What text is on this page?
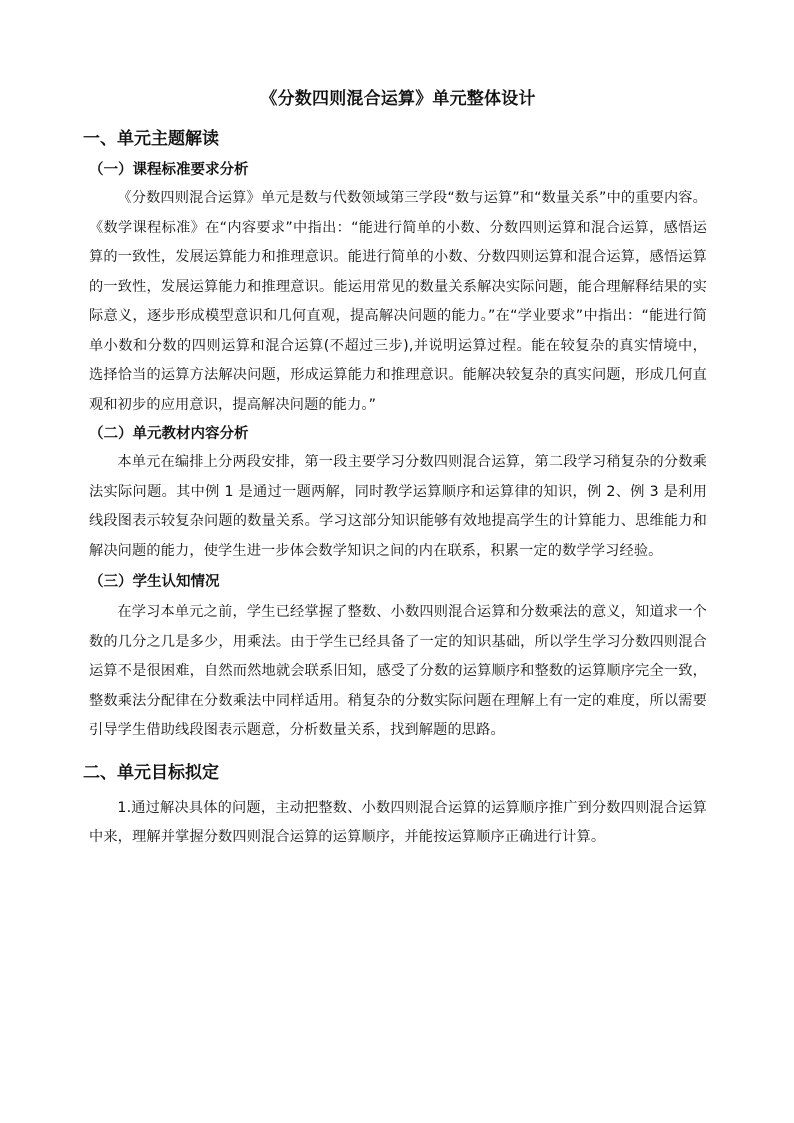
《分数四则混合运算》单元整体设计
一、单元主题解读
（一）课程标准要求分析

《分数四则混合运算》单元是数与代数领域第三学段“数与运算”和“数量关系”中的重要内容。《数学课程标准》在“内容要求”中指出：“能进行简单的小数、分数四则运算和混合运算，感悟运算的一致性，发展运算能力和推理意识。能进行简单的小数、分数四则运算和混合运算，感悟运算的一致性，发展运算能力和推理意识。能运用常见的数量关系解决实际问题，能合理解释结果的实际意义，逐步形成模型意识和几何直观，提高解决问题的能力。”在“学业要求”中指出：“能进行简单小数和分数的四则运算和混合运算(不超过三步),并说明运算过程。能在较复杂的真实情境中，选择恰当的运算方法解决问题，形成运算能力和推理意识。能解决较复杂的真实问题，形成几何直观和初步的应用意识，提高解决问题的能力。”

（二）单元教材内容分析

本单元在编排上分两段安排，第一段主要学习分数四则混合运算，第二段学习稍复杂的分数乘法实际问题。其中例 1 是通过一题两解，同时教学运算顺序和运算律的知识，例 2、例 3 是利用线段图表示较复杂问题的数量关系。学习这部分知识能够有效地提高学生的计算能力、思维能力和解决问题的能力，使学生进一步体会数学知识之间的内在联系，积累一定的数学学习经验。

（三）学生认知情况

在学习本单元之前，学生已经掌握了整数、小数四则混合运算和分数乘法的意义，知道求一个数的几分之几是多少，用乘法。由于学生已经具备了一定的知识基础，所以学生学习分数四则混合运算不是很困难，自然而然地就会联系旧知，感受了分数的运算顺序和整数的运算顺序完全一致，整数乘法分配律在分数乘法中同样适用。稍复杂的分数实际问题在理解上有一定的难度，所以需要引导学生借助线段图表示题意，分析数量关系，找到解题的思路。

二、单元目标拟定

1.通过解决具体的问题，主动把整数、小数四则混合运算的运算顺序推广到分数四则混合运算中来，理解并掌握分数四则混合运算的运算顺序，并能按运算顺序正确进行计算。
